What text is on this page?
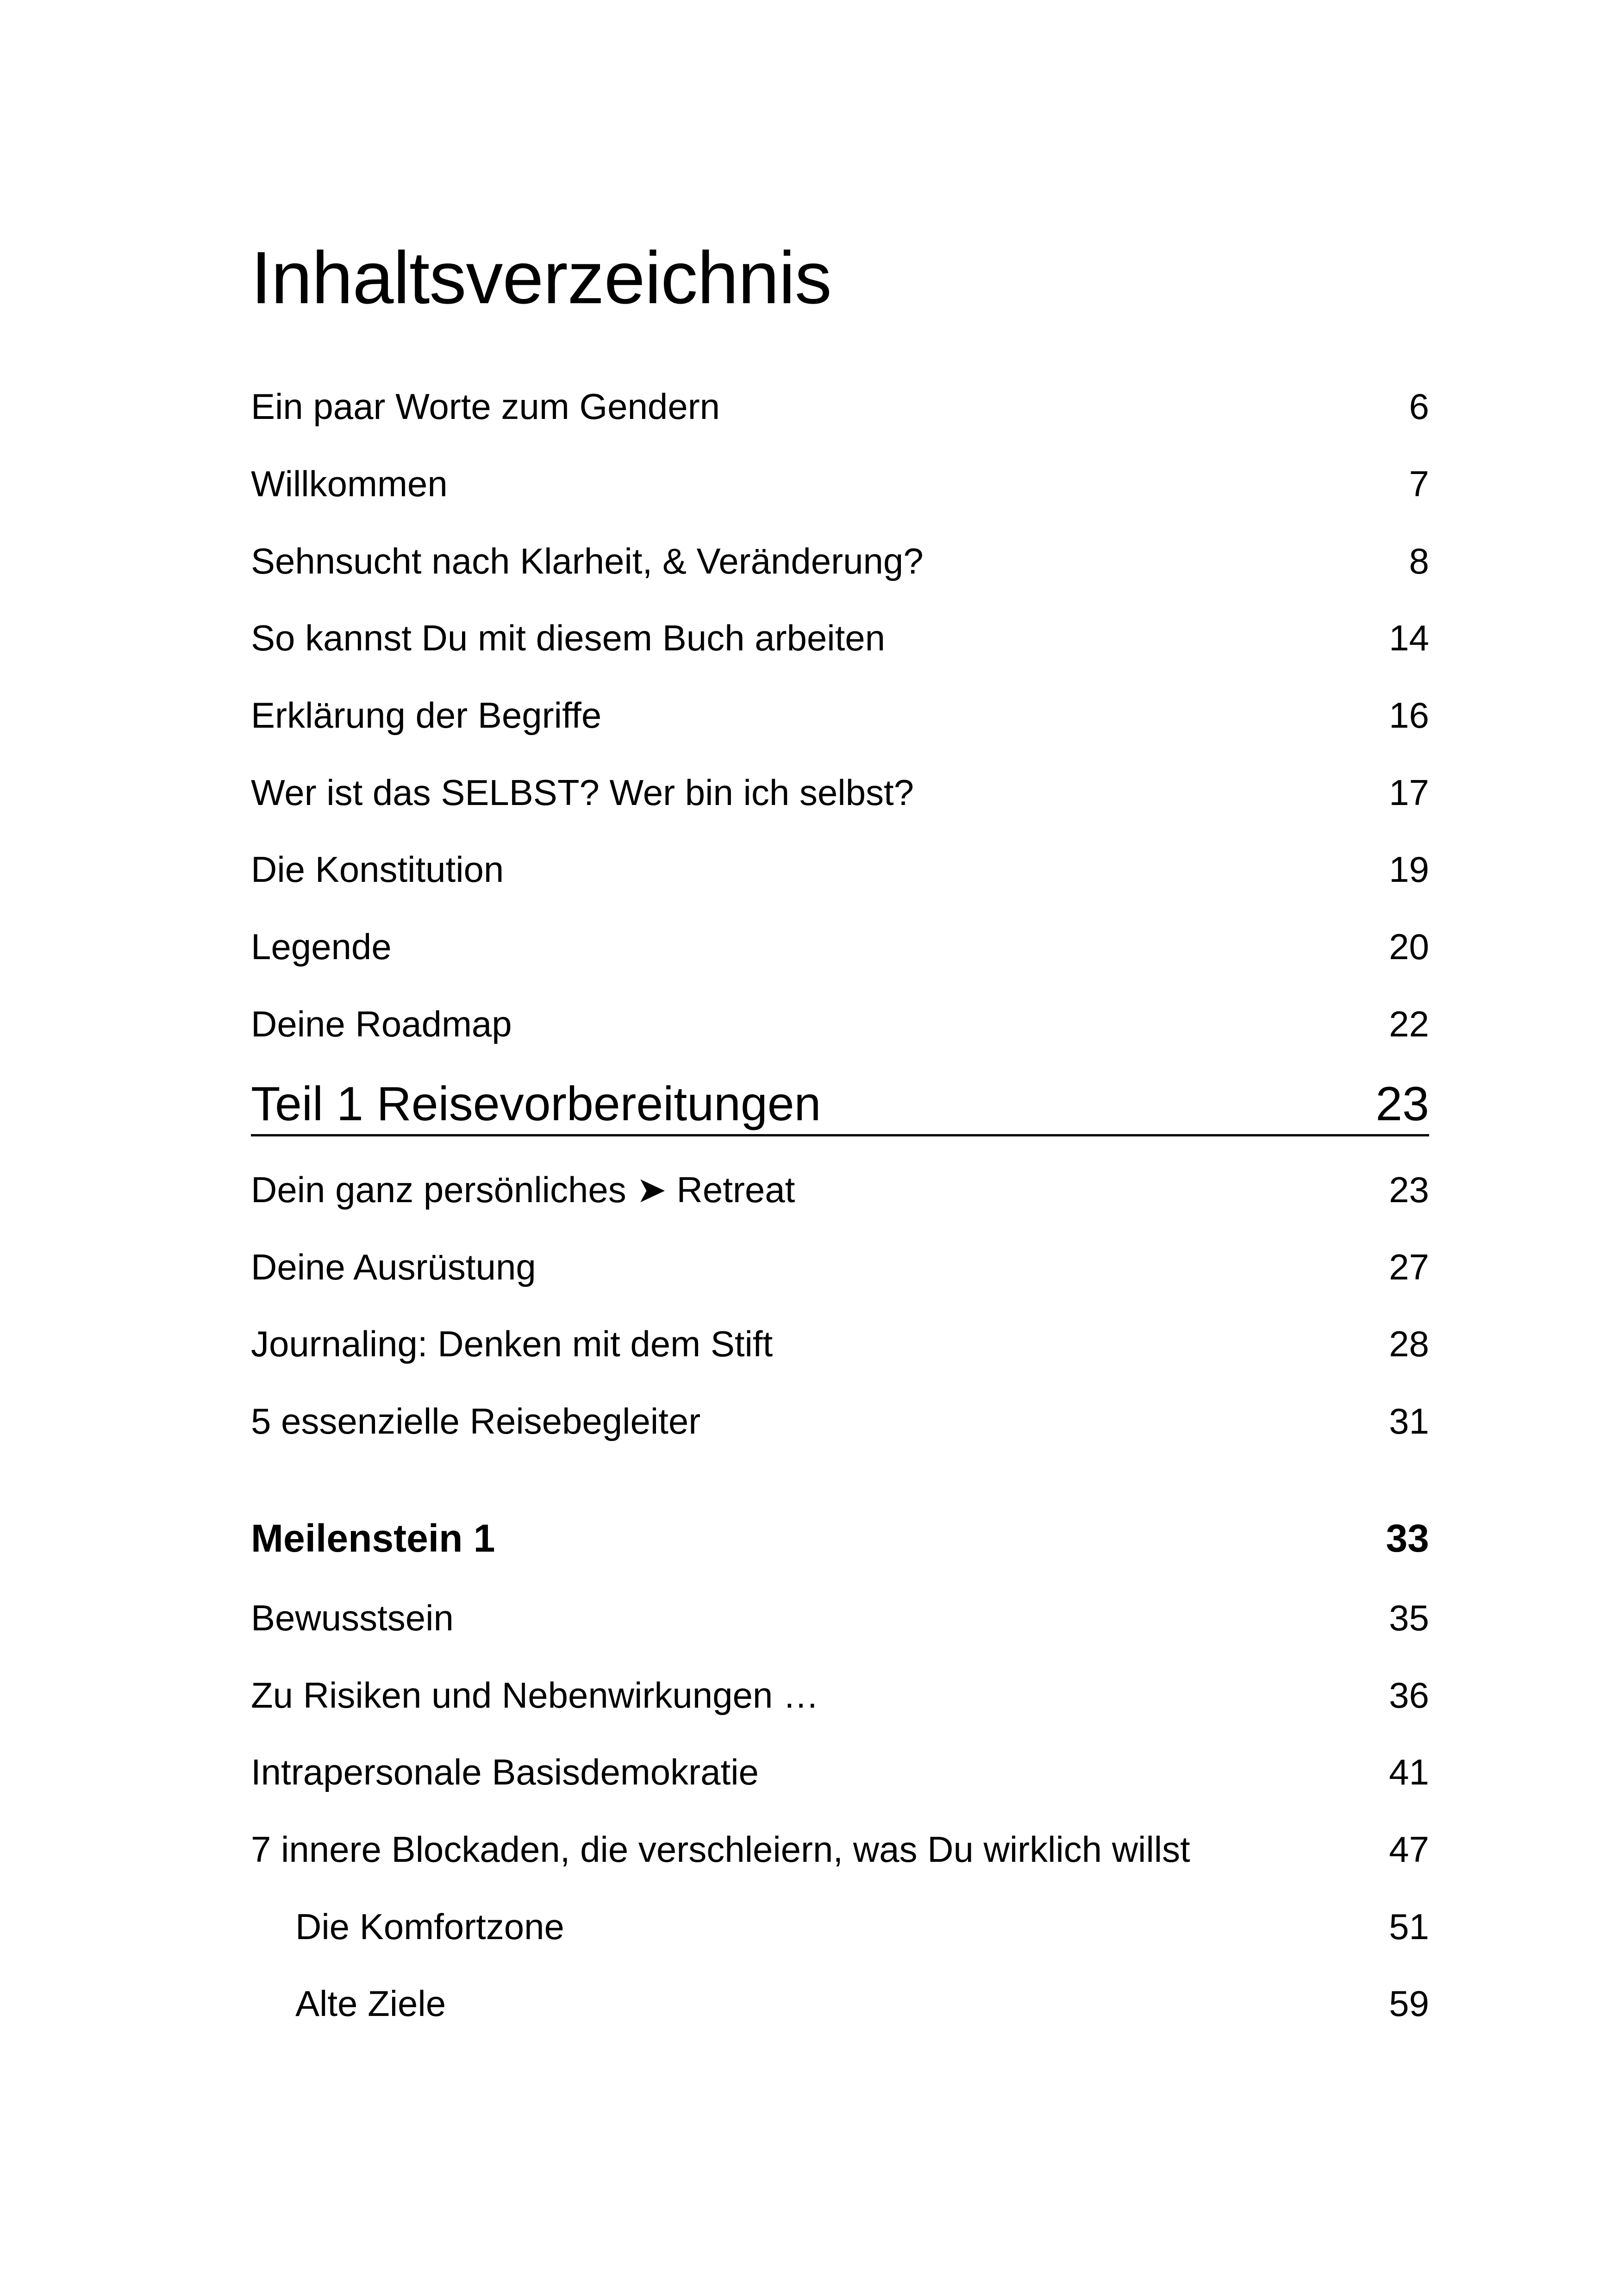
Inhaltsverzeichnis
Ein paar Worte zum Gendern	6
Willkommen	7
Sehnsucht nach Klarheit, & Veränderung?	8
So kannst Du mit diesem Buch arbeiten	14
Erklärung der Begriffe	16
Wer ist das SELBST? Wer bin ich selbst?	17
Die Konstitution	19
Legende	20
Deine Roadmap	22
Teil 1 Reisevorbereitungen	23
Dein ganz persönliches ➤ Retreat	23
Deine Ausrüstung	27
Journaling: Denken mit dem Stift	28
5 essenzielle Reisebegleiter	31
Meilenstein 1	33
Bewusstsein	35
Zu Risiken und Nebenwirkungen …	36
Intrapersonale Basisdemokratie	41
7 innere Blockaden, die verschleiern, was Du wirklich willst	47
Die Komfortzone	51
Alte Ziele	59
